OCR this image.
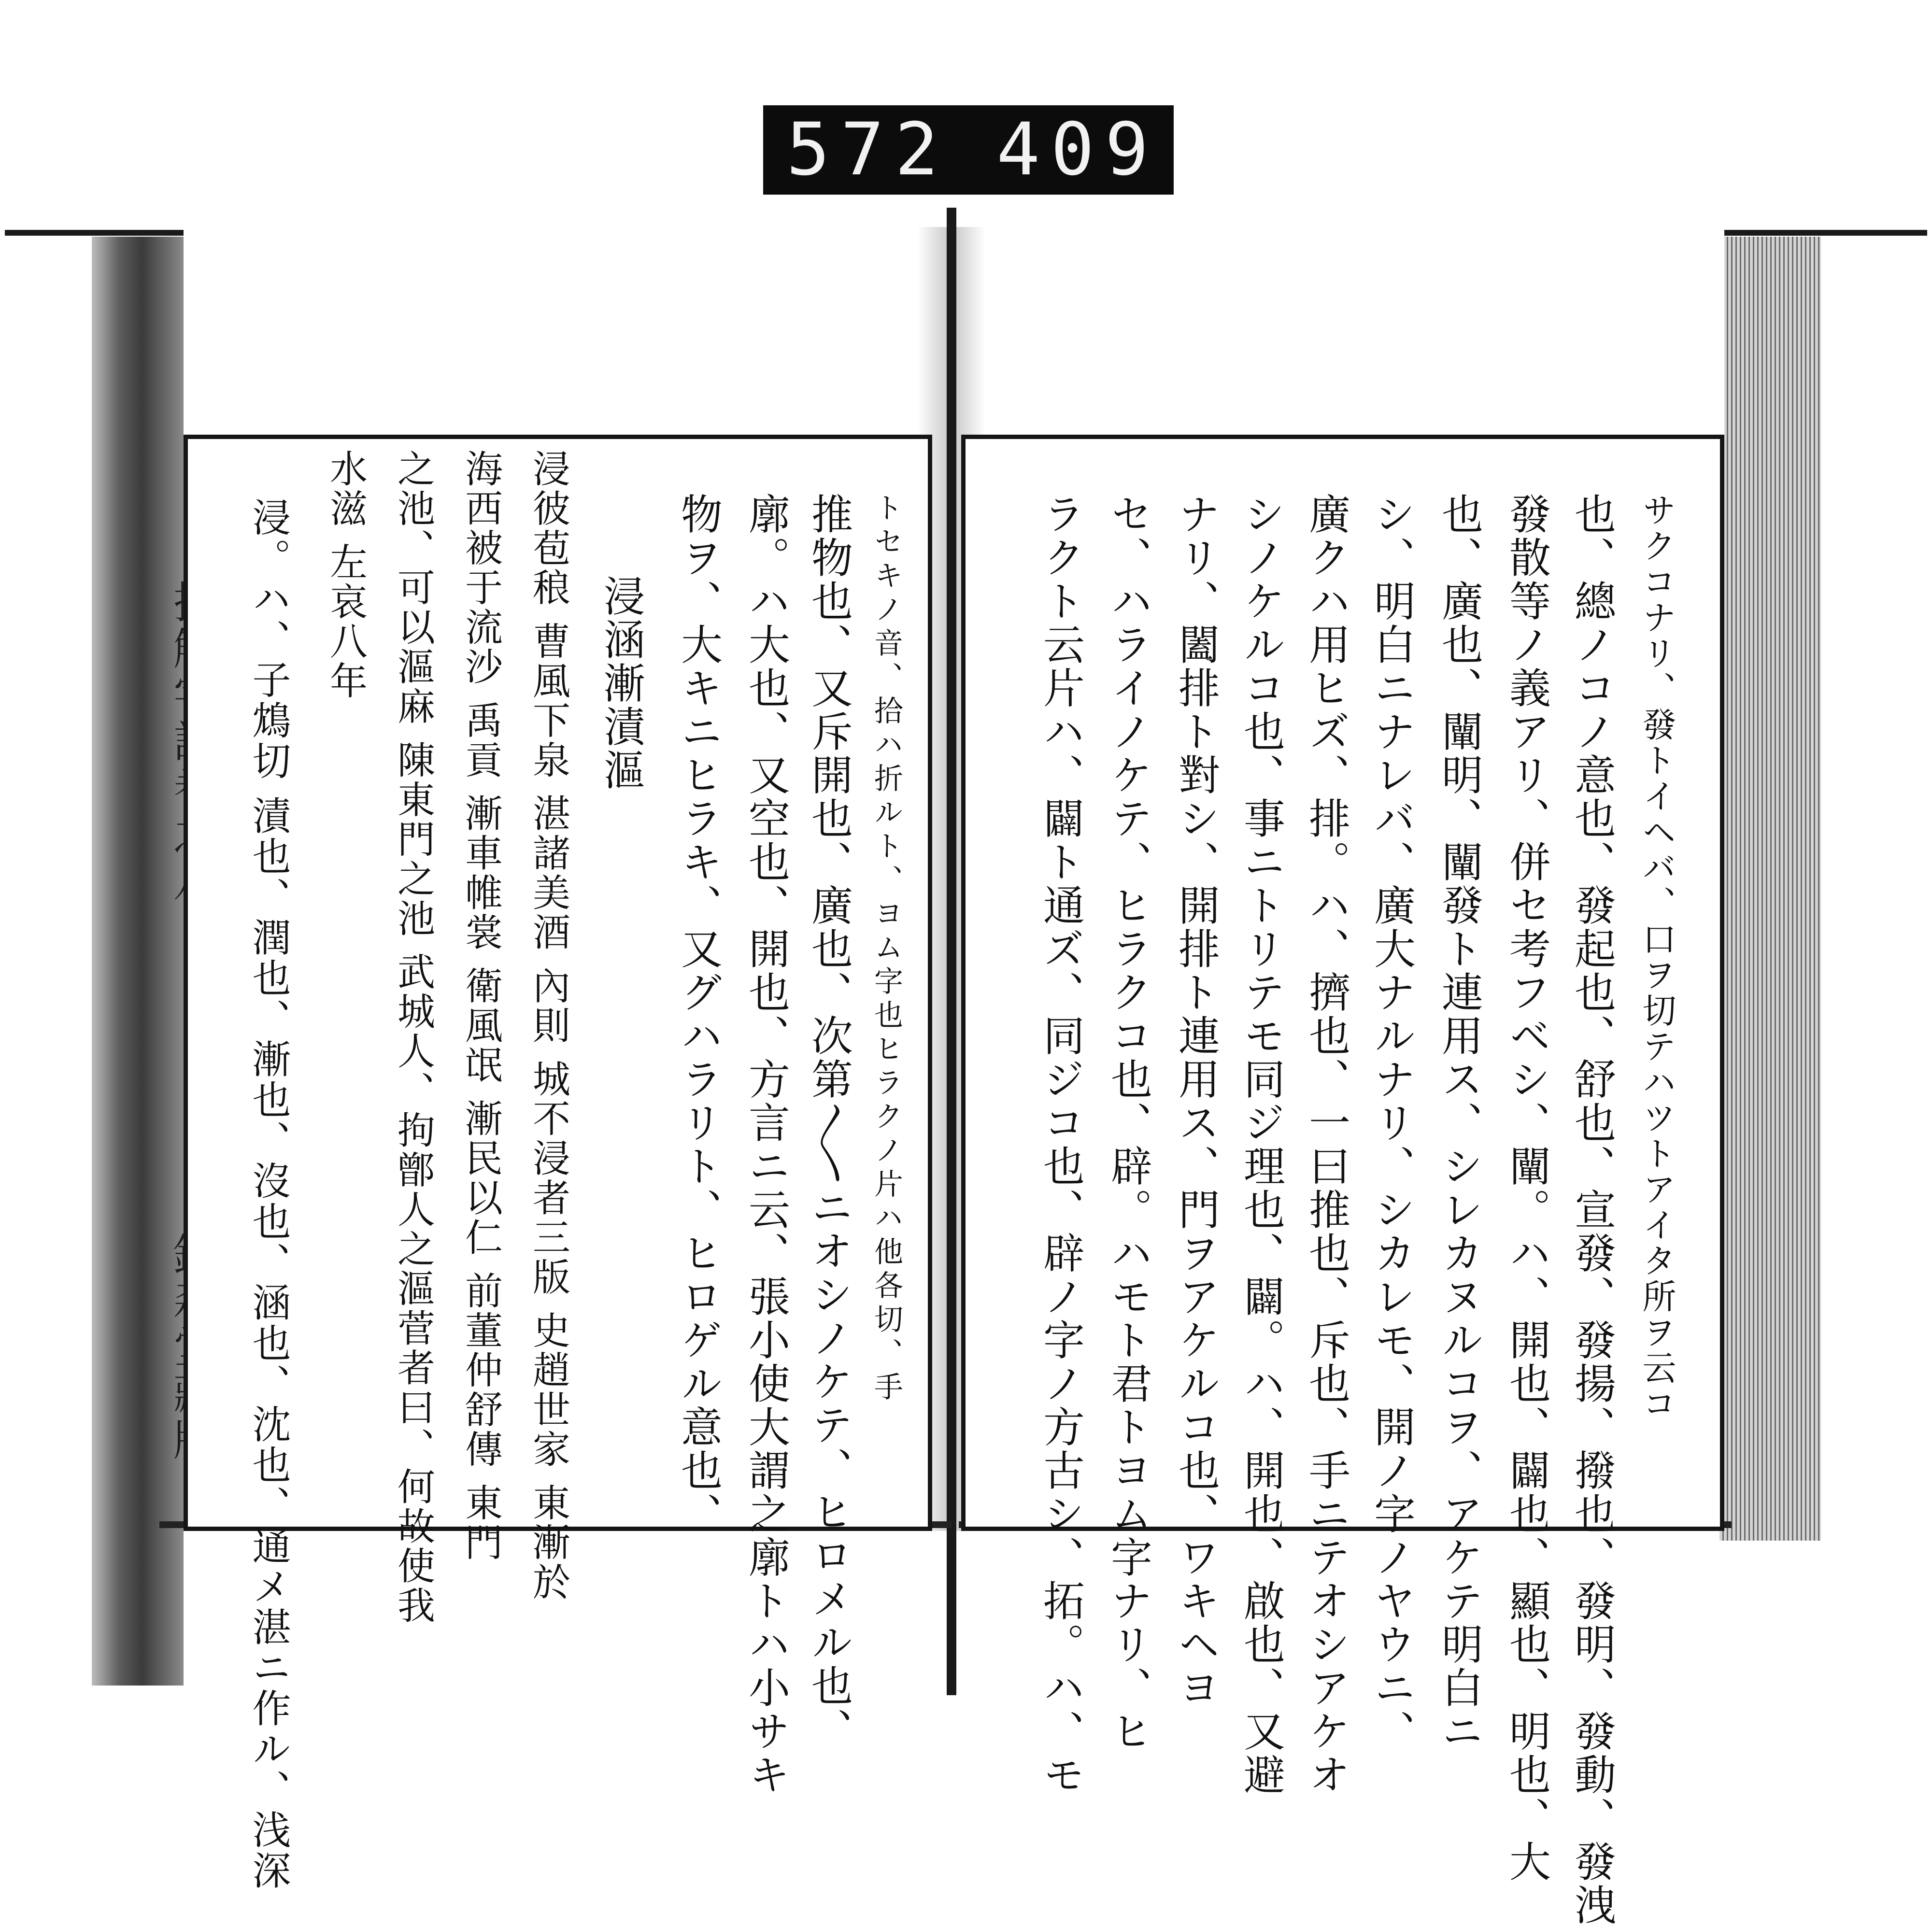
572 409
トセキノ音、拾ハ折ルト、ヨム字也ヒラクノ片ハ他各切、手
推物也、又斥開也、廣也、次第〳〵ニオシノケテ、ヒロメル也、
廓。ハ大也、又空也、開也、方言ニ云、張小使大謂之廓トハ小サキ
物ヲ、大キニヒラキ、又グハラリト、ヒロゲル意也、
浸涵漸漬漚
浸彼苞稂 曹風下泉 湛諸美酒 內則 城不浸者三版 史趙世家 東漸於
海西被于流沙 禹貢 漸車帷裳 衛風氓 漸民以仁 前董仲舒傳 東門
之池、可以漚麻 陳東門之池 武城人、拘鄫人之漚菅者曰、何故使我
水滋 左哀八年
浸。ハ、子鴆切 漬也、潤也、漸也、沒也、涵也、沈也、通メ湛ニ作ル、浅深	サクコナリ、發トイヘバ、口ヲ切テハツトアイタ所ヲ云コ
也、總ノコノ意也、發起也、舒也、宣發、發揚、撥也、發明、發動、發洩
發散等ノ義アリ、併セ考フベシ、闡。ハ、開也、闢也、顯也、明也、大
也、廣也、闡明、闡發ト連用ス、シレカヌルコヲ、アケテ明白ニ
シ、明白ニナレバ、廣大ナルナリ、シカレモ、開ノ字ノヤウニ、
廣クハ用ヒズ、排。ハ、擠也、一曰推也、斥也、手ニテオシアケオ
シノケルコ也、事ニトリテモ同ジ理也、闢。ハ、開也、啟也、又避
ナリ、闔排ト對シ、開排ト連用ス、門ヲアケルコ也、ワキヘヨ
セ、ハライノケテ、ヒラクコ也、辟。ハモト君トヨム字ナリ、ヒ
ラクト云片ハ、闢ト通ズ、同ジコ也、辟ノ字ノ方古シ、拓。ハ、モ
